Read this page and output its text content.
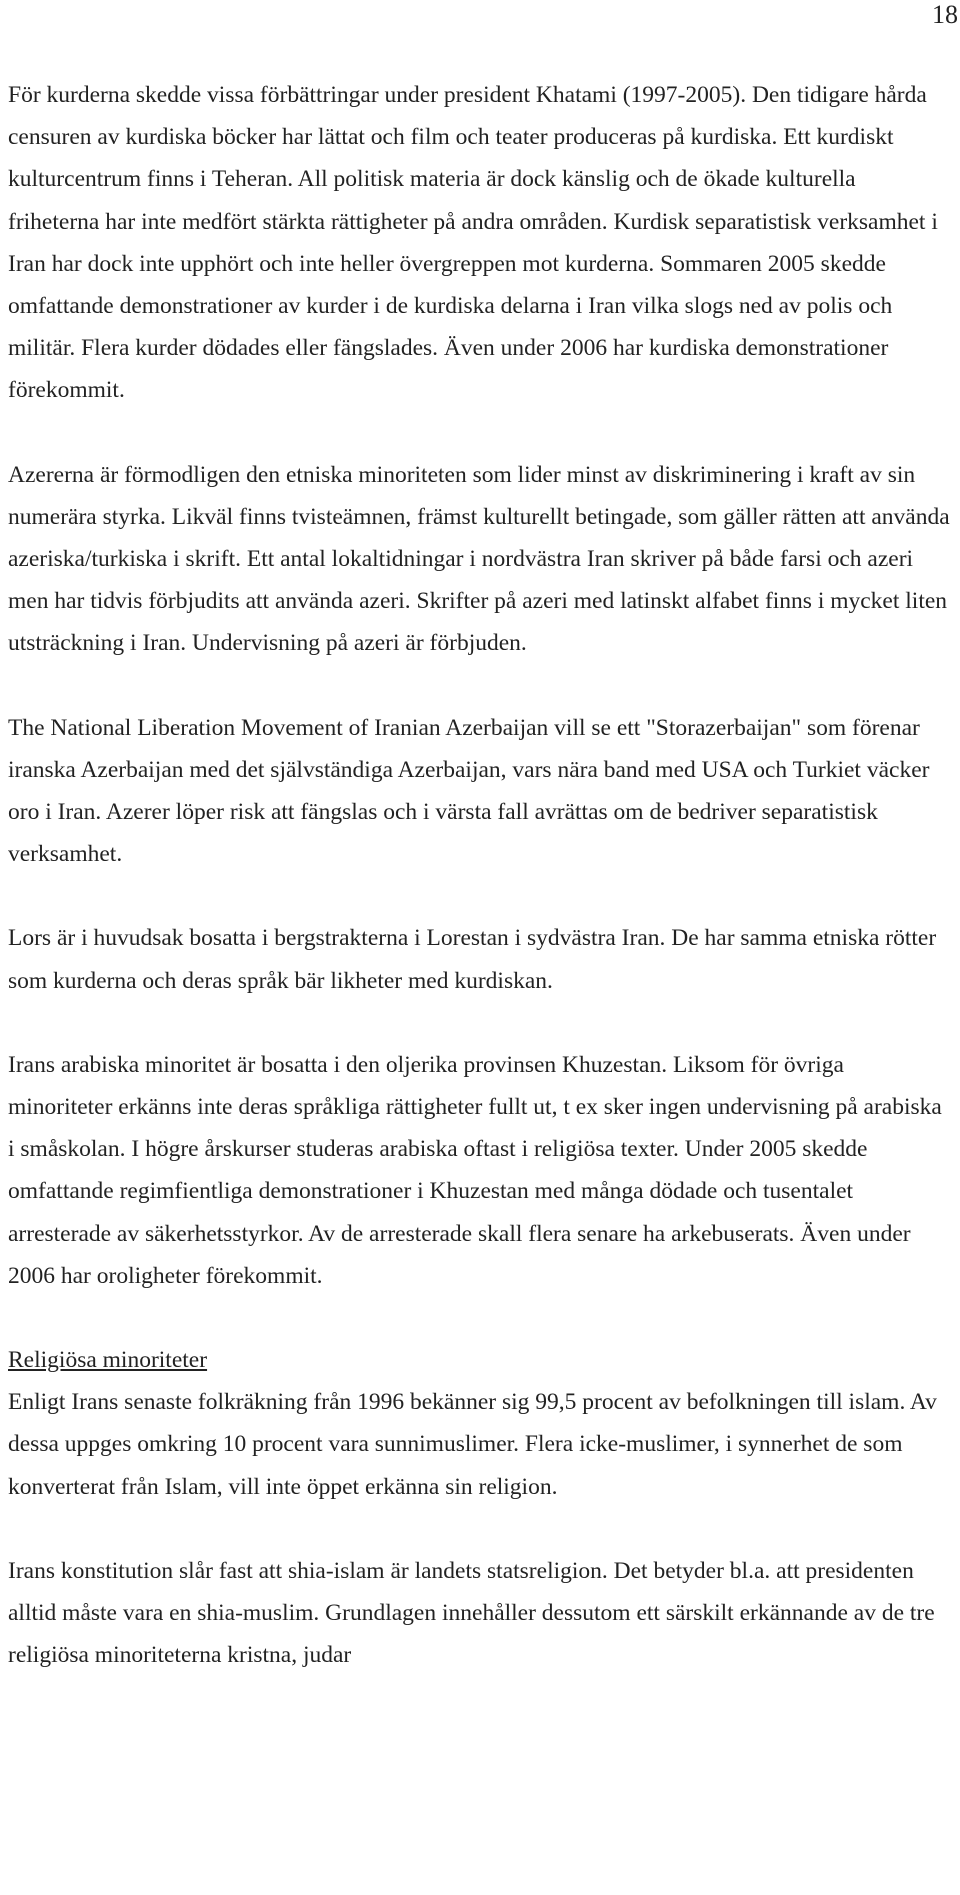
18

För kurderna skedde vissa förbättringar under president Khatami (1997-2005). Den tidigare hårda censuren av kurdiska böcker har lättat och film och teater produceras på kurdiska. Ett kurdiskt kulturcentrum finns i Teheran. All politisk materia är dock känslig och de ökade kulturella friheterna har inte medfört stärkta rättigheter på andra områden. Kurdisk separatistisk verksamhet i Iran har dock inte upphört och inte heller övergreppen mot kurderna. Sommaren 2005 skedde omfattande demonstrationer av kurder i de kurdiska delarna i Iran vilka slogs ned av polis och militär. Flera kurder dödades eller fängslades. Även under 2006 har kurdiska demonstrationer förekommit.

Azererna är förmodligen den etniska minoriteten som lider minst av diskriminering i kraft av sin numerära styrka. Likväl finns tvisteämnen, främst kulturellt betingade, som gäller rätten att använda azeriska/turkiska i skrift. Ett antal lokaltidningar i nordvästra Iran skriver på både farsi och azeri men har tidvis förbjudits att använda azeri. Skrifter på azeri med latinskt alfabet finns i mycket liten utsträckning i Iran. Undervisning på azeri är förbjuden.

The National Liberation Movement of Iranian Azerbaijan vill se ett "Storazerbaijan" som förenar iranska Azerbaijan med det självständiga Azerbaijan, vars nära band med USA och Turkiet väcker oro i Iran. Azerer löper risk att fängslas och i värsta fall avrättas om de bedriver separatistisk verksamhet.

Lors är i huvudsak bosatta i bergstrakterna i Lorestan i sydvästra Iran. De har samma etniska rötter som kurderna och deras språk bär likheter med kurdiskan.

Irans arabiska minoritet är bosatta i den oljerika provinsen Khuzestan. Liksom för övriga minoriteter erkänns inte deras språkliga rättigheter fullt ut, t ex sker ingen undervisning på arabiska i småskolan. I högre årskurser studeras arabiska oftast i religiösa texter. Under 2005 skedde omfattande regimfientliga demonstrationer i Khuzestan med många dödade och tusentalet arresterade av säkerhetsstyrkor. Av de arresterade skall flera senare ha arkebuserats. Även under 2006 har oroligheter förekommit.

Religiösa minoriteter

Enligt Irans senaste folkräkning från 1996 bekänner sig 99,5 procent av befolkningen till islam. Av dessa uppges omkring 10 procent vara sunnimuslimer. Flera icke-muslimer, i synnerhet de som konverterat från Islam, vill inte öppet erkänna sin religion.

Irans konstitution slår fast att shia-islam är landets statsreligion. Det betyder bl.a. att presidenten alltid måste vara en shia-muslim. Grundlagen innehåller dessutom ett särskilt erkännande av de tre religiösa minoriteterna kristna, judar
